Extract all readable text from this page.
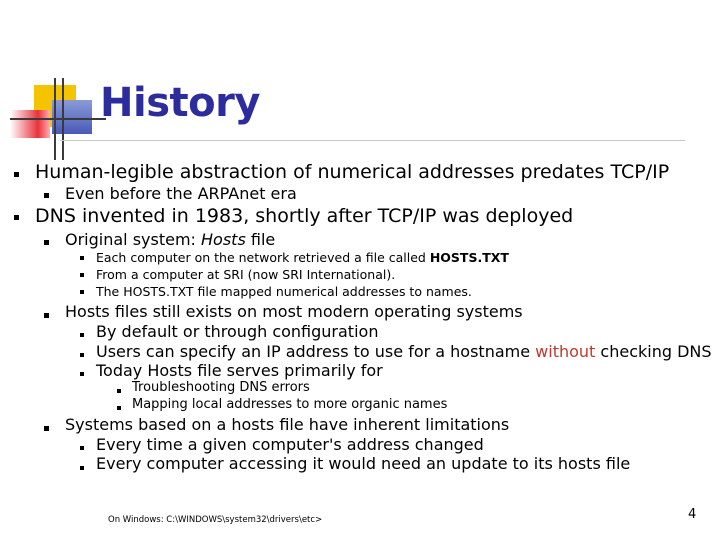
History
Human-legible abstraction of numerical addresses predates TCP/IP
Even before the ARPAnet era
DNS invented in 1983, shortly after TCP/IP was deployed
Original system: Hosts file
Each computer on the network retrieved a file called HOSTS.TXT
From a computer at SRI (now SRI International).
The HOSTS.TXT file mapped numerical addresses to names.
Hosts files still exists on most modern operating systems
By default or through configuration
Users can specify an IP address to use for a hostname without checking DNS
Today Hosts file serves primarily for
Troubleshooting DNS errors
Mapping local addresses to more organic names
Systems based on a hosts file have inherent limitations
Every time a given computer's address changed
Every computer accessing it would need an update to its hosts file
On Windows: C:\WINDOWS\system32\drivers\etc>	4
